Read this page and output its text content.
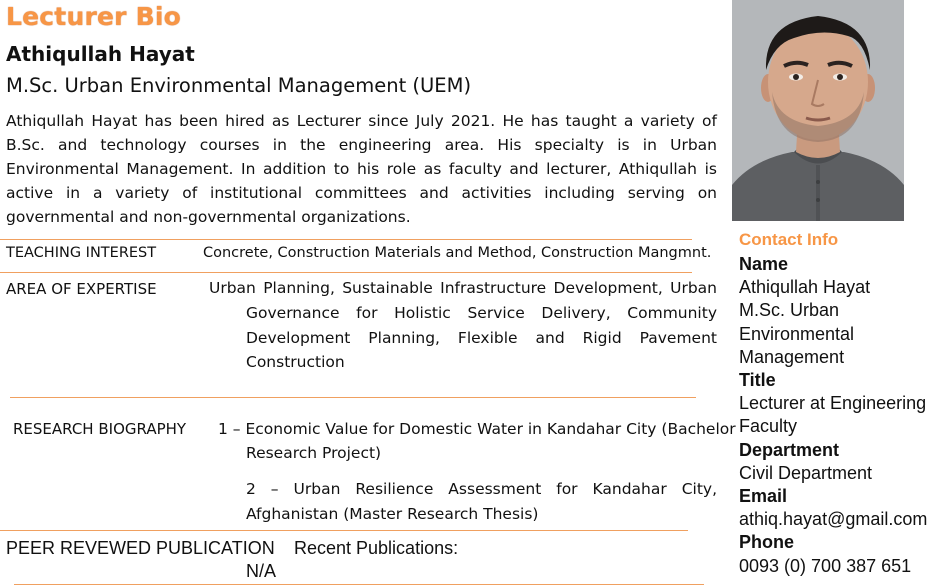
Lecturer Bio
Athiqullah Hayat
M.Sc. Urban Environmental Management (UEM)
Athiqullah Hayat has been hired as Lecturer since July 2021. He has taught a variety of B.Sc. and technology courses in the engineering area. His specialty is in Urban Environmental Management. In addition to his role as faculty and lecturer, Athiqullah is active in a variety of institutional committees and activities including serving on governmental and non-governmental organizations.
TEACHING INTEREST	Concrete, Construction Materials and Method, Construction Mangmnt.
AREA OF EXPERTISE	Urban Planning, Sustainable Infrastructure Development, Urban
Governance for Holistic Service Delivery, Community Development Planning, Flexible and Rigid Pavement Construction
RESEARCH BIOGRAPHY 1 – Economic Value for Domestic Water in Kandahar City (Bachelor
Research Project)
2 – Urban Resilience Assessment for Kandahar City, Afghanistan (Master Research Thesis)
PEER REVEWED PUBLICATION Recent Publications:
N/A
Contact Info
Name
Athiqullah Hayat
M.Sc. Urban
Environmental
Management
Title
Lecturer at Engineering
Faculty
Department
Civil Department
Email
athiq.hayat@gmail.com
Phone
0093 (0) 700 387 651
